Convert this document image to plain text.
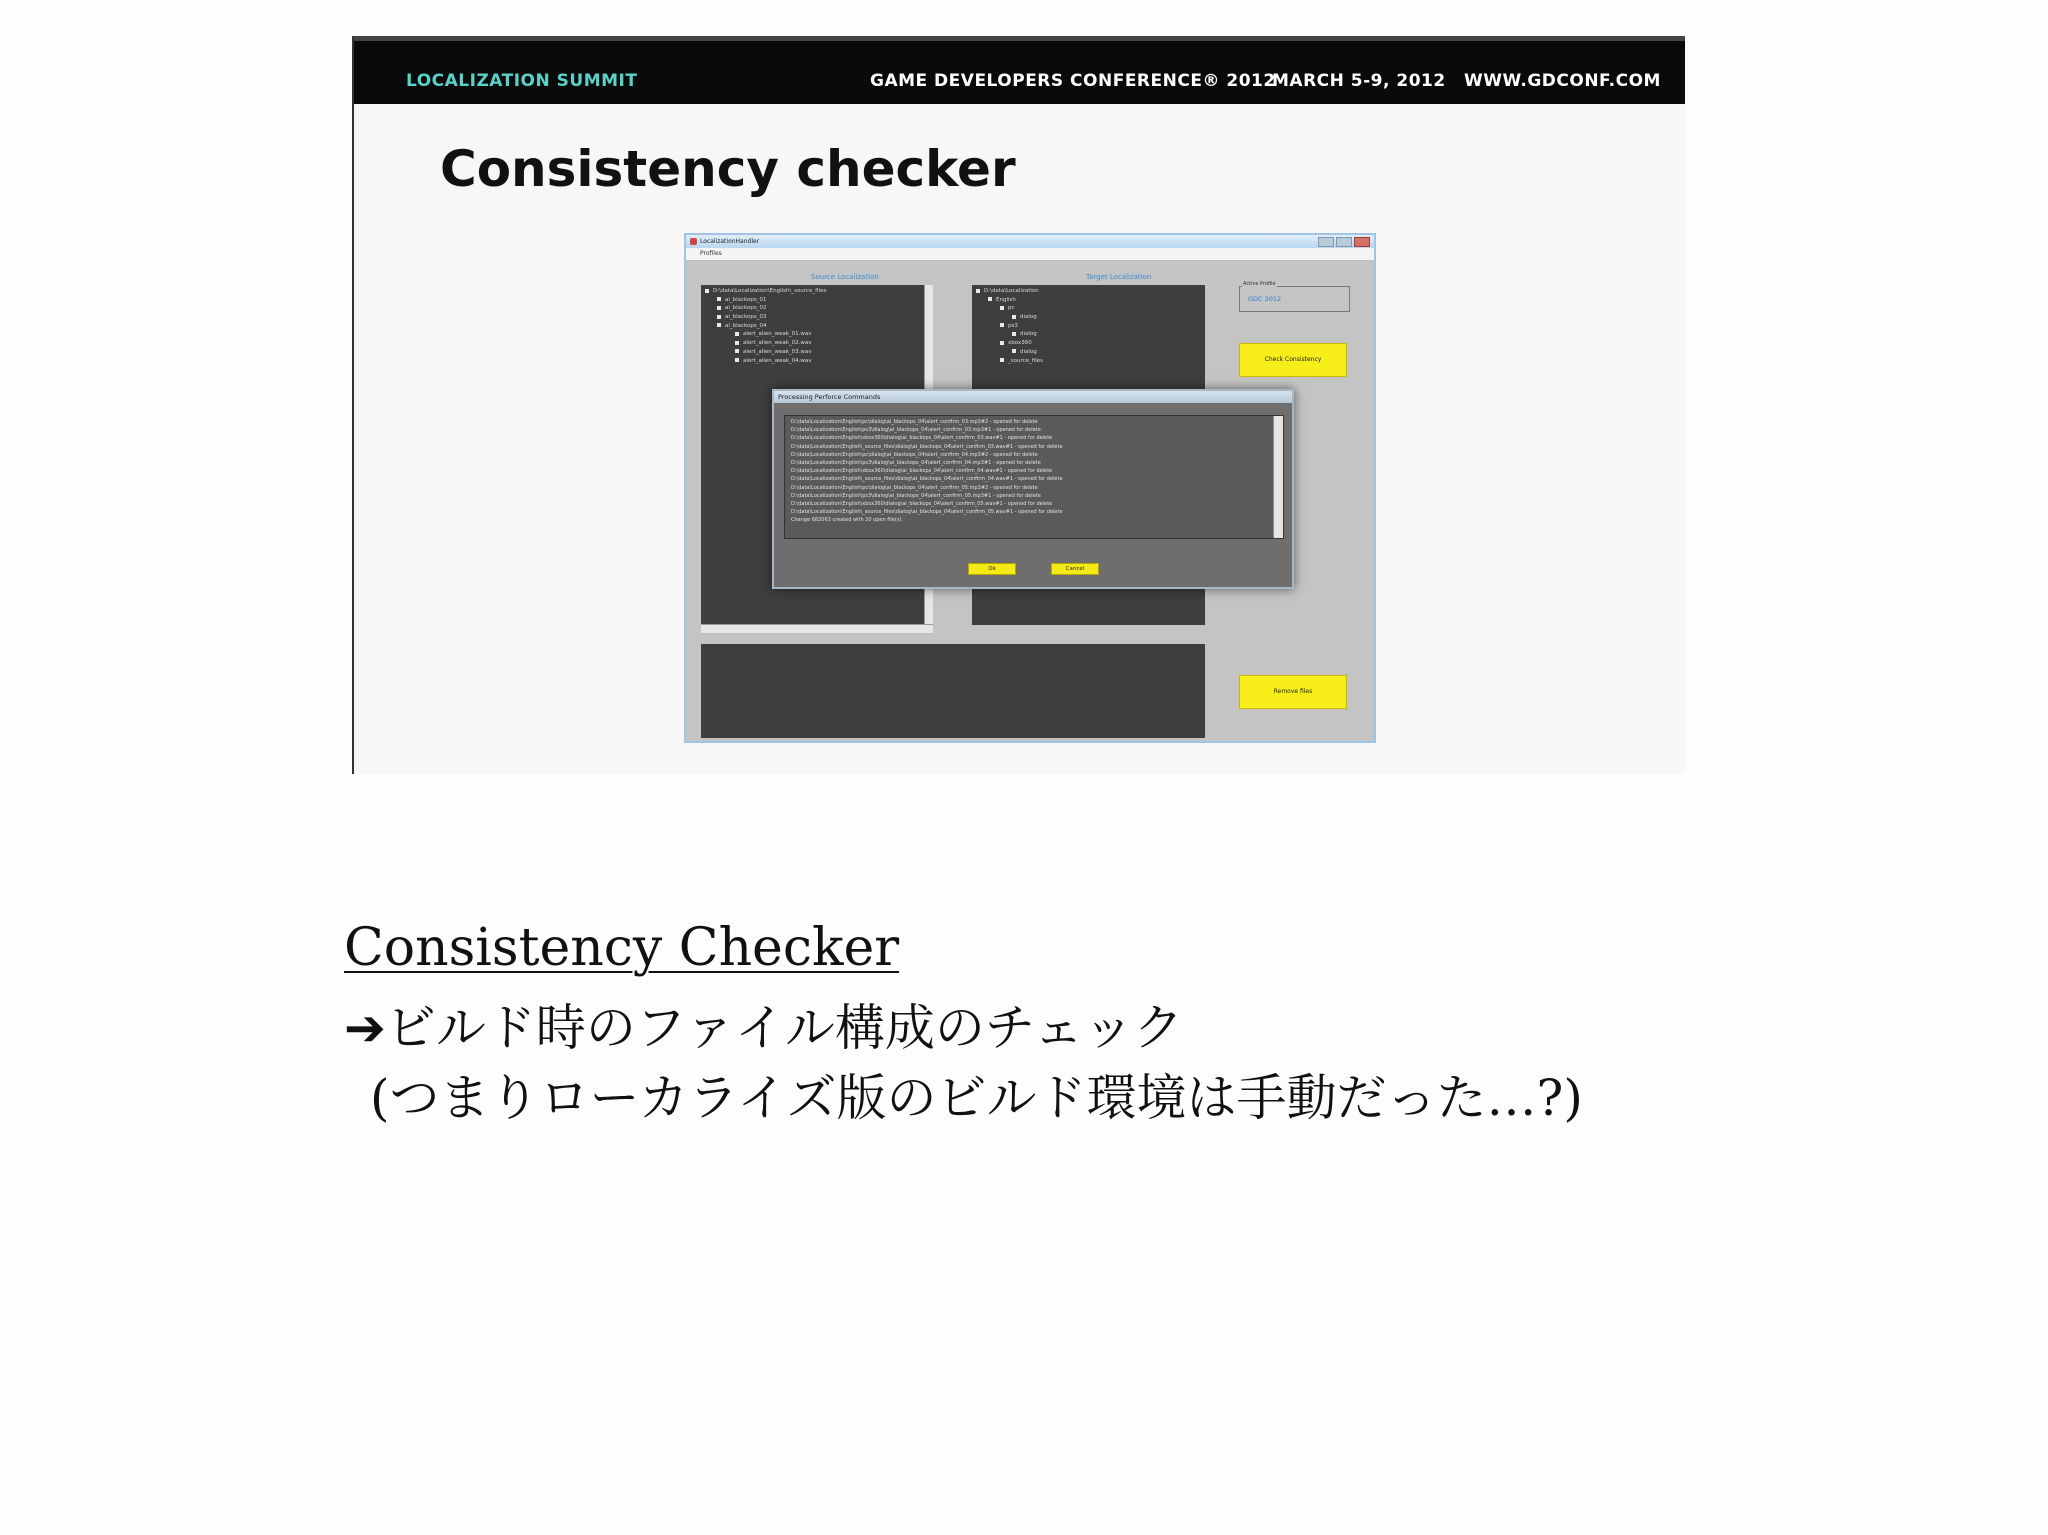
LOCALIZATION SUMMIT	GAME DEVELOPERS CONFERENCE® 2012
MARCH 5-9, 2012 WWW.GDCONF.COM
Consistency checker
LocalizationHandler
Profiles
Source Localization	Target Localization
D:\data\Localization\English\_source_files
ai_blackops_01
ai_blackops_02
ai_blackops_03
ai_blackops_04
alert_alien_weak_01.wav
alert_alien_weak_02.wav
alert_alien_weak_03.wav
alert_alien_weak_04.wav
D:\data\Localization
English
pc
dialog
ps3
dialog
xbox360
dialog
_source_files
Active Profile
GDC 2012
Check Consistency
Remove files
Processing Perforce Commands
D:\data\Localization\English\pc\dialog\ai_blackops_04\alert_confirm_03.mp3#2 - opened for delete
D:\data\Localization\English\ps3\dialog\ai_blackops_04\alert_confirm_03.mp3#1 - opened for delete
D:\data\Localization\English\xbox360\dialog\ai_blackops_04\alert_confirm_03.wav#1 - opened for delete
D:\data\Localization\English\_source_files\dialog\ai_blackops_04\alert_confirm_03.wav#1 - opened for delete
D:\data\Localization\English\pc\dialog\ai_blackops_04\alert_confirm_04.mp3#2 - opened for delete
D:\data\Localization\English\ps3\dialog\ai_blackops_04\alert_confirm_04.mp3#1 - opened for delete
D:\data\Localization\English\xbox360\dialog\ai_blackops_04\alert_confirm_04.wav#1 - opened for delete
D:\data\Localization\English\_source_files\dialog\ai_blackops_04\alert_confirm_04.wav#1 - opened for delete
D:\data\Localization\English\pc\dialog\ai_blackops_04\alert_confirm_05.mp3#2 - opened for delete
D:\data\Localization\English\ps3\dialog\ai_blackops_04\alert_confirm_05.mp3#1 - opened for delete
D:\data\Localization\English\xbox360\dialog\ai_blackops_04\alert_confirm_05.wav#1 - opened for delete
D:\data\Localization\English\_source_files\dialog\ai_blackops_04\alert_confirm_05.wav#1 - opened for delete
Change 682063 created with 20 open file(s).
Ok	Cancel
Consistency Checker
➔ビルド時のファイル構成のチェック
(つまりローカライズ版のビルド環境は手動だった…?)
